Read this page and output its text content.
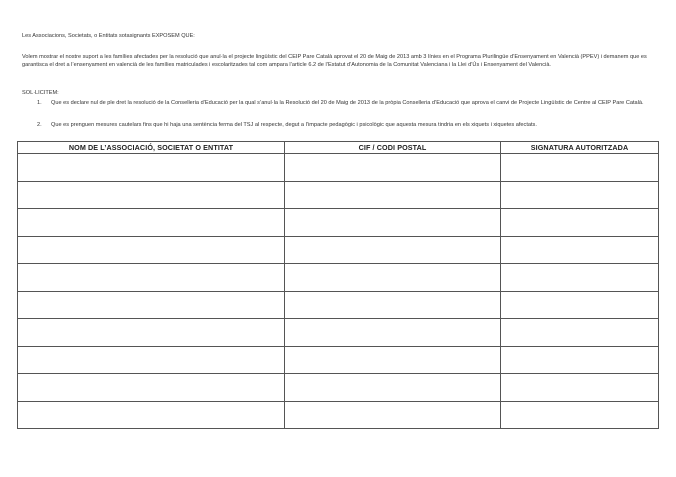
Les Associacions, Societats, o Entitats sotasignants EXPOSEM QUE:
Volem mostrar el nostre suport a les famílies afectades per la resolució que anul·la el projecte lingüístic del CEIP Pare Català aprovat el 20 de Maig de 2013 amb 3 línies en el Programa Plurilingüe d’Ensenyament en Valencià (PPEV) i demanem que es garantisca el dret a l’ensenyament en valencià de les famílies matriculades i escolaritzades tal com ampara l’article 6.2 de l’Estatut d’Autonomia de la Comunitat Valenciana i la Llei d’Ús i Ensenyament del Valencià.
SOL·LICITEM:
1.	Que es declare nul de ple dret la resolució de la Conselleria d’Educació per la qual s’anul·la la Resolució del 20 de Maig de 2013 de la pròpia Conselleria d’Educació que aprova el canvi de Projecte Lingüístic de Centre al CEIP Pare Català.
2.	Que es prenguen mesures cautelars fins que hi haja una sentència ferma del TSJ al respecte, degut a l’impacte pedagògic i psicològic que aquesta mesura tindria en els xiquets i xiquetes afectats.
NOM DE L’ASSOCIACIÓ, SOCIETAT O ENTITAT	CIF / CODI POSTAL	SIGNATURA AUTORITZADA
